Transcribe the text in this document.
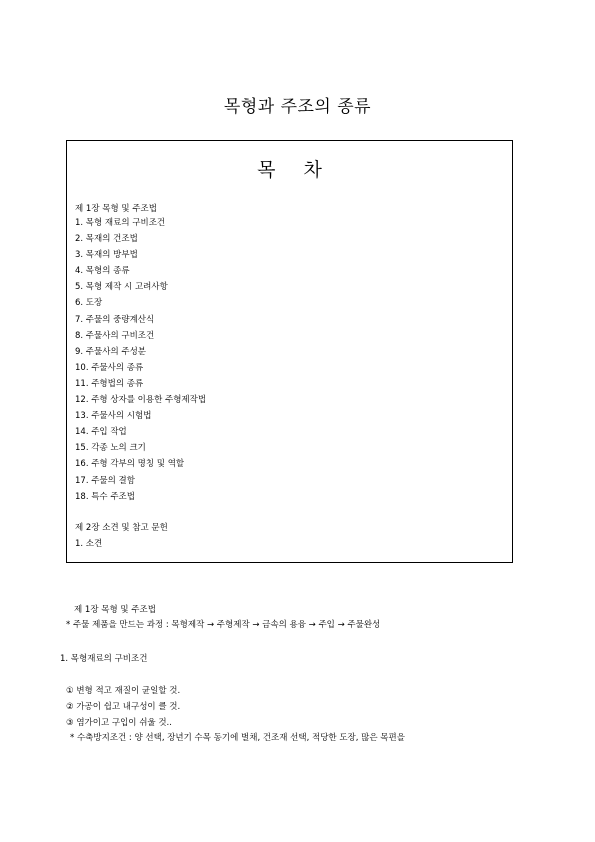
목형과 주조의 종류
목 차
제 1장 목형 및 주조법
1. 목형 재료의 구비조건
2. 목재의 건조법
3. 목재의 방부법
4. 목형의 종류
5. 목형 제작 시 고려사항
6. 도장
7. 주물의 중량계산식
8. 주물사의 구비조건
9. 주물사의 주성분
10. 주물사의 종류
11. 주형법의 종류
12. 주형 상자를 이용한 주형제작법
13. 주물사의 시험법
14. 주입 작업
15. 각종 노의 크기
16. 주형 각부의 명칭 및 역할
17. 주물의 결함
18. 특수 주조법
제 2장 소견 및 참고 문헌
1. 소견
제 1장 목형 및 주조법
* 주물 제품을 만드는 과정 : 목형제작 → 주형제작 → 금속의 용융 → 주입 → 주물완성
1. 목형재료의 구비조건
① 변형 적고 재질이 균일할 것.
② 가공이 쉽고 내구성이 클 것.
③ 염가이고 구입이 쉬울 것..
* 수축방지조건 : 양 선택, 장년기 수목 동기에 벌채, 건조재 선택, 적당한 도장, 많은 목편을
